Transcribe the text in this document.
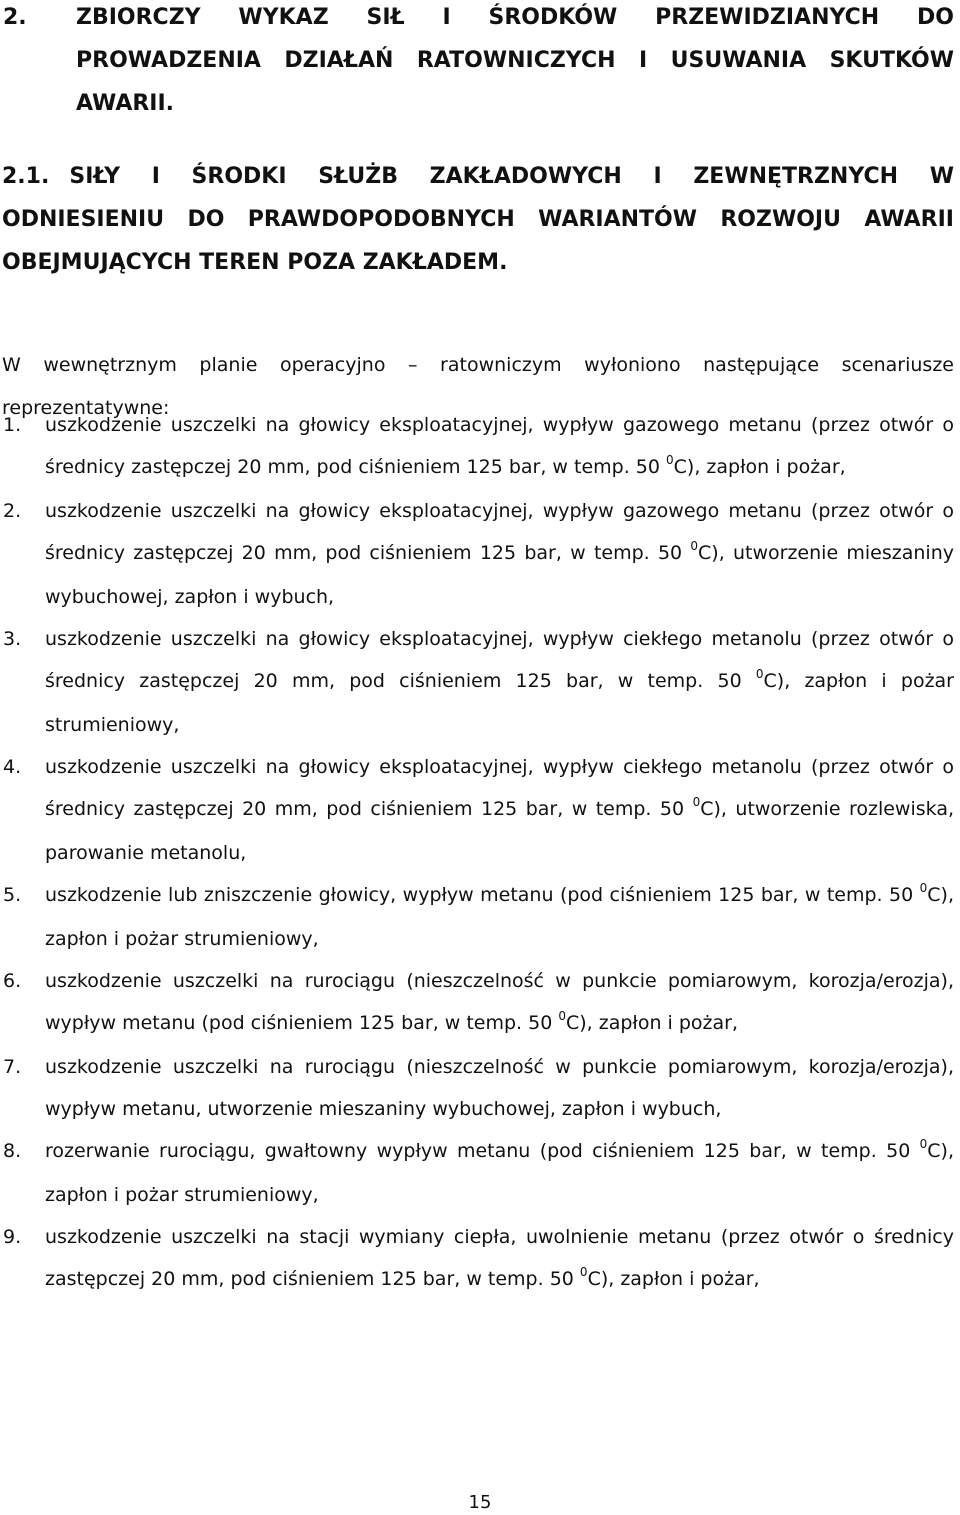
2. ZBIORCZY WYKAZ SIŁ I ŚRODKÓW PRZEWIDZIANYCH DO PROWADZENIA DZIAŁAŃ RATOWNICZYCH I USUWANIA SKUTKÓW AWARII.
2.1. SIŁY I ŚRODKI SŁUŻB ZAKŁADOWYCH I ZEWNĘTRZNYCH W ODNIESIENIU DO PRAWDOPODOBNYCH WARIANTÓW ROZWOJU AWARII OBEJMUJĄCYCH TEREN POZA ZAKŁADEM.

W wewnętrznym planie operacyjno – ratowniczym wyłoniono następujące scenariusze reprezentatywne:

1. uszkodzenie uszczelki na głowicy eksploatacyjnej, wypływ gazowego metanu (przez otwór o średnicy zastępczej 20 mm, pod ciśnieniem 125 bar, w temp. 50 $^0$C), zapłon i pożar,
2. uszkodzenie uszczelki na głowicy eksploatacyjnej, wypływ gazowego metanu (przez otwór o średnicy zastępczej 20 mm, pod ciśnieniem 125 bar, w temp. 50 $^0$C), utworzenie mieszaniny wybuchowej, zapłon i wybuch,
3. uszkodzenie uszczelki na głowicy eksploatacyjnej, wypływ ciekłego metanolu (przez otwór o średnicy zastępczej 20 mm, pod ciśnieniem 125 bar, w temp. 50 $^0$C), zapłon i pożar strumieniowy,
4. uszkodzenie uszczelki na głowicy eksploatacyjnej, wypływ ciekłego metanolu (przez otwór o średnicy zastępczej 20 mm, pod ciśnieniem 125 bar, w temp. 50 $^0$C), utworzenie rozlewiska, parowanie metanolu,
5. uszkodzenie lub zniszczenie głowicy, wypływ metanu (pod ciśnieniem 125 bar, w temp. 50 $^0$C), zapłon i pożar strumieniowy,
6. uszkodzenie uszczelki na rurociągu (nieszczelność w punkcie pomiarowym, korozja/erozja), wypływ metanu (pod ciśnieniem 125 bar, w temp. 50 $^0$C), zapłon i pożar,
7. uszkodzenie uszczelki na rurociągu (nieszczelność w punkcie pomiarowym, korozja/erozja), wypływ metanu, utworzenie mieszaniny wybuchowej, zapłon i wybuch,
8. rozerwanie rurociągu, gwałtowny wypływ metanu (pod ciśnieniem 125 bar, w temp. 50 $^0$C), zapłon i pożar strumieniowy,
9. uszkodzenie uszczelki na stacji wymiany ciepła, uwolnienie metanu (przez otwór o średnicy zastępczej 20 mm, pod ciśnieniem 125 bar, w temp. 50 $^0$C), zapłon i pożar,
15
